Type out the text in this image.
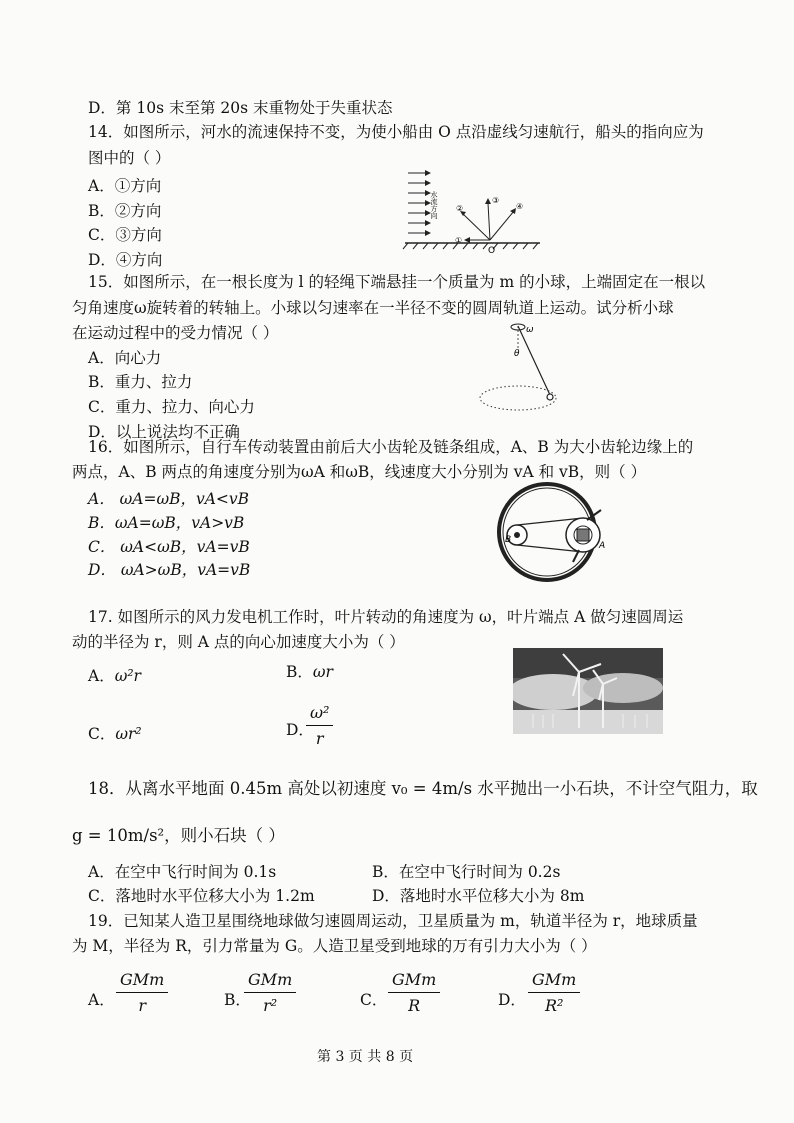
D．第 10s 末至第 20s 末重物处于失重状态
14．如图所示，河水的流速保持不变，为使小船由 O 点沿虚线匀速航行，船头的指向应为
图中的（ ）
A．①方向
B．②方向
C．③方向
D．④方向
水流方向
①
②
③
④
O
15．如图所示，在一根长度为 l 的轻绳下端悬挂一个质量为 m 的小球，上端固定在一根以
匀角速度ω旋转着的转轴上。小球以匀速率在一半径不变的圆周轨道上运动。试分析小球
在运动过程中的受力情况（ ）
A．向心力
B．重力、拉力
C．重力、拉力、向心力
D．以上说法均不正确
ω
θ
16．如图所示，自行车传动装置由前后大小齿轮及链条组成，A、B 为大小齿轮边缘上的
两点，A、B 两点的角速度分别为ωA 和ωB，线速度大小分别为 vA 和 vB，则（ ）
A． ωA=ωB，vA<vB
B．ωA=ωB，vA>vB
C． ωA<ωB，vA=vB
D． ωA>ωB，vA=vB
B
A
17. 如图所示的风力发电机工作时，叶片转动的角速度为 ω，叶片端点 A 做匀速圆周运
动的半径为 r，则 A 点的向心加速度大小为（ ）
A．ω²r	B．ωr
C．ωr²	D．
$\frac{\text{ω²}}{r}$
18．从离水平地面 0.45m 高处以初速度 v₀ = 4m/s 水平抛出一小石块，不计空气阻力，取
g = 10m/s²，则小石块（ ）
A．在空中飞行时间为 0.1s	B．在空中飞行时间为 0.2s
C．落地时水平位移大小为 1.2m	D．落地时水平位移大小为 8m
19．已知某人造卫星围绕地球做匀速圆周运动，卫星质量为 m，轨道半径为 r，地球质量
为 M，半径为 R，引力常量为 G。人造卫星受到地球的万有引力大小为（ ）
A．
GMm
r	B．
GMm
r²	C．
GMm
R	D．
GMm
R²
第 3 页 共 8 页
